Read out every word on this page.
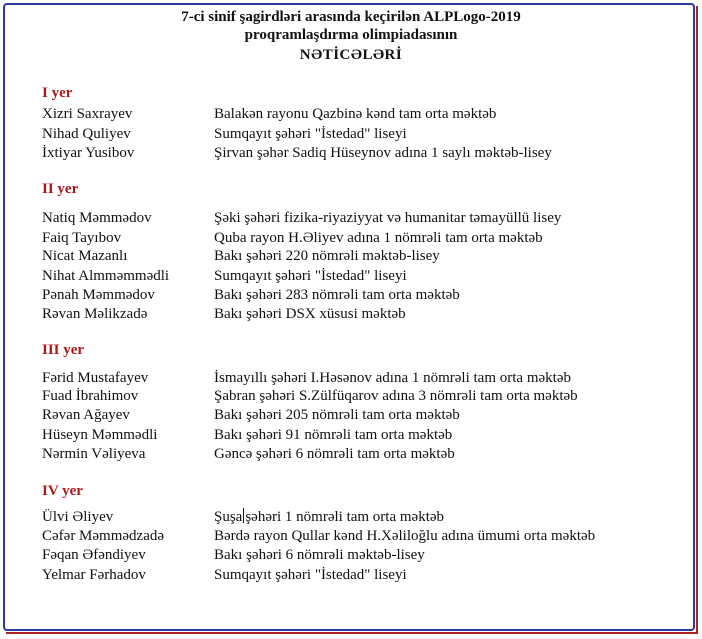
7-ci sinif şagirdləri arasında keçirilən ALPLogo-2019
proqramlaşdırma olimpiadasının
NƏTİCƏLƏRİ
I yer
Xizri Saxrayev	Balakən rayonu Qazbinə kənd tam orta məktəb
Nihad Quliyev	Sumqayıt şəhəri "İstedad" liseyi
İxtiyar Yusibov	Şirvan şəhər Sadiq Hüseynov adına 1 saylı məktəb-lisey
II yer
Natiq Məmmədov	Şəki şəhəri fizika-riyaziyyat və humanitar təmayüllü lisey
Faiq Tayıbov	Quba rayon H.Əliyev adına 1 nömrəli tam orta məktəb
Nicat Mazanlı	Bakı şəhəri 220 nömrəli məktəb-lisey
Nihat Almməmmədli	Sumqayıt şəhəri "İstedad" liseyi
Pənah Məmmədov	Bakı şəhəri 283 nömrəli tam orta məktəb
Rəvan Məlikzadə	Bakı şəhəri DSX xüsusi məktəb
III yer
Fərid Mustafayev	İsmayıllı şəhəri I.Həsənov adına 1 nömrəli tam orta məktəb
Fuad İbrahimov	Şabran şəhəri S.Zülfüqarov adına 3 nömrəli tam orta məktəb
Rəvan Ağayev	Bakı şəhəri 205 nömrəli tam orta məktəb
Hüseyn Məmmədli	Bakı şəhəri 91 nömrəli tam orta məktəb
Nərmin Vəliyeva	Gəncə şəhəri 6 nömrəli tam orta məktəb
IV yer
Ülvi Əliyev	Şuşa şəhəri 1 nömrəli tam orta məktəb
Cəfər Məmmədzadə	Bərdə rayon Qullar kənd H.Xəliloğlu adına ümumi orta məktəb
Fəqan Əfəndiyev	Bakı şəhəri 6 nömrəli məktəb-lisey
Yelmar Fərhadov	Sumqayıt şəhəri "İstedad" liseyi
